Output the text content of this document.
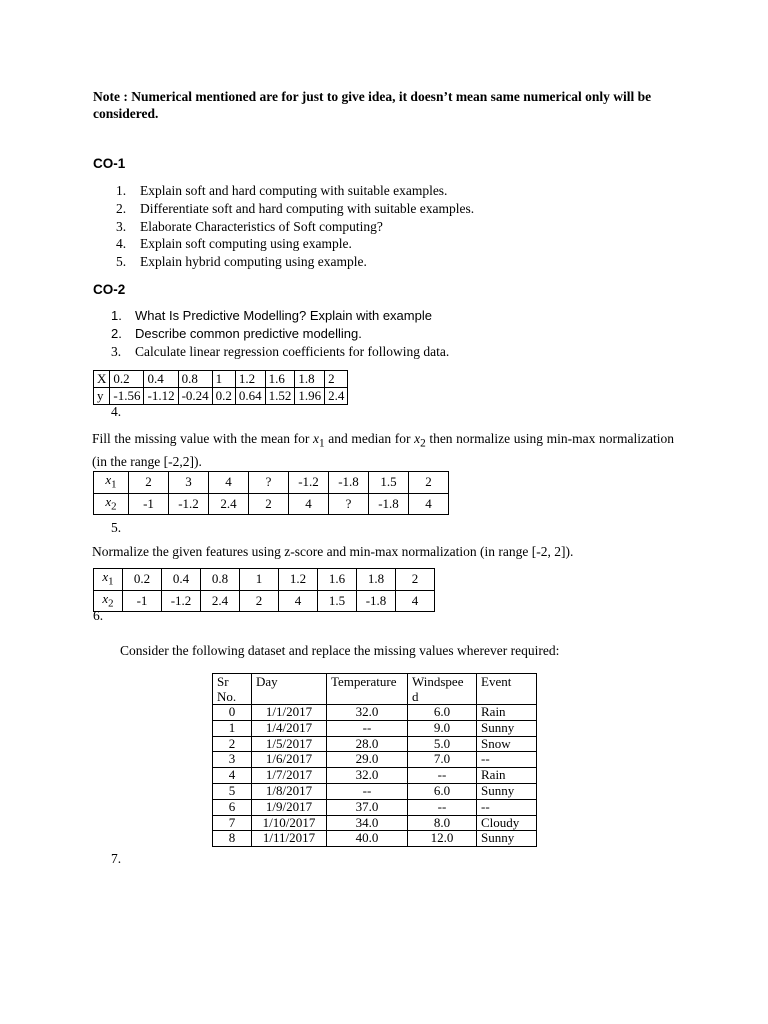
Note : Numerical mentioned are for just to give idea, it doesn’t mean same numerical only will be considered.
CO-1
1. Explain soft and hard computing with suitable examples.
2. Differentiate soft and hard computing with suitable examples.
3. Elaborate Characteristics of Soft computing?
4. Explain soft computing using example.
5. Explain hybrid computing using example.
CO-2
1. What Is Predictive Modelling? Explain with example
2. Describe common predictive modelling.
3. Calculate linear regression coefficients for following data.
X	0.2	0.4	0.8	1	1.2	1.6	1.8	2
y	-1.56	-1.12	-0.24	0.2	0.64	1.52	1.96	2.4
4.
Fill the missing value with the mean for $x_1$ and median for $x_2$ then normalize using min-max normalization (in the range [-2,2]).
$x_1$	2	3	4	?	-1.2	-1.8	1.5	2
$x_2$	-1	-1.2	2.4	2	4	?	-1.8	4
5.
Normalize the given features using z-score and min-max normalization (in range [-2, 2]).
$x_1$	0.2	0.4	0.8	1	1.2	1.6	1.8	2
$x_2$	-1	-1.2	2.4	2	4	1.5	-1.8	4
6.
Consider the following dataset and replace the missing values wherever required:
Sr No.	Day	Temperature	Windspee d	Event
0	1/1/2017	32.0	6.0	Rain
1	1/4/2017	--	9.0	Sunny
2	1/5/2017	28.0	5.0	Snow
3	1/6/2017	29.0	7.0	--
4	1/7/2017	32.0	--	Rain
5	1/8/2017	--	6.0	Sunny
6	1/9/2017	37.0	--	--
7	1/10/2017	34.0	8.0	Cloudy
8	1/11/2017	40.0	12.0	Sunny
7.
